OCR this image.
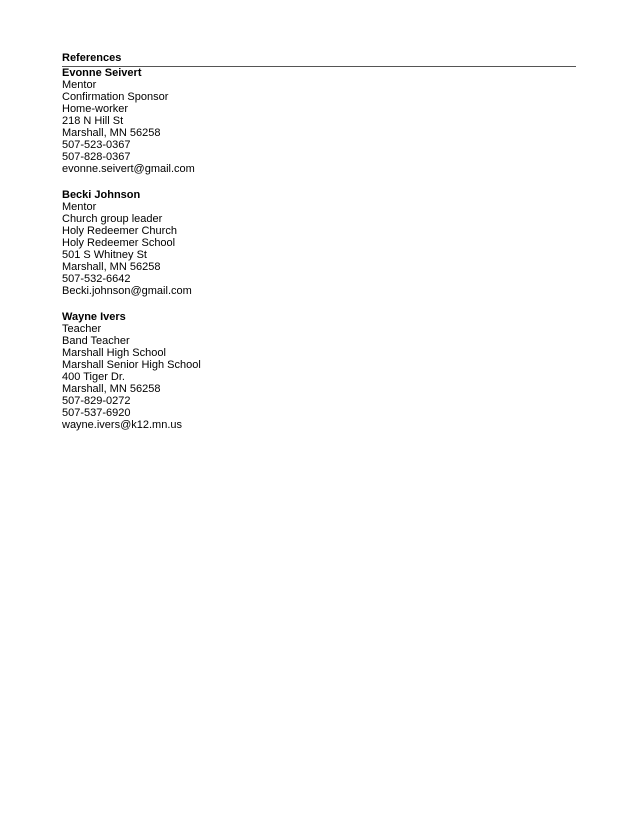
References
Evonne Seivert
Mentor
Confirmation Sponsor
Home-worker
218 N Hill St
Marshall, MN 56258
507-523-0367
507-828-0367
evonne.seivert@gmail.com
Becki Johnson
Mentor
Church group leader
Holy Redeemer Church
Holy Redeemer School
501 S Whitney St
Marshall, MN 56258
507-532-6642
Becki.johnson@gmail.com
Wayne Ivers
Teacher
Band Teacher
Marshall High School
Marshall Senior High School
400 Tiger Dr.
Marshall, MN 56258
507-829-0272
507-537-6920
wayne.ivers@k12.mn.us
